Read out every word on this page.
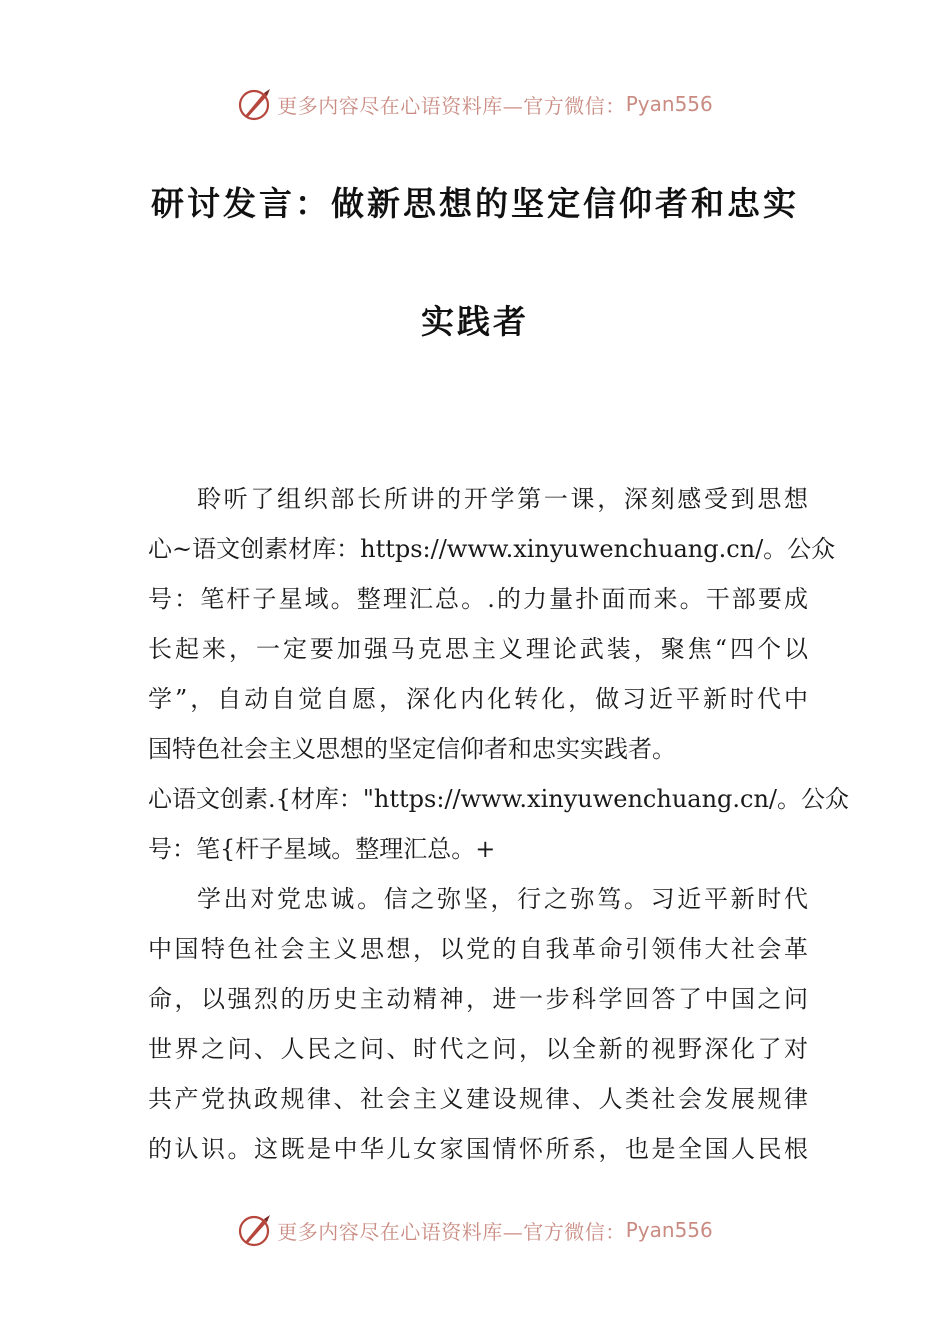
更多内容尽在心语资料库—官方微信： Pyan556
研讨发言：做新思想的坚定信仰者和忠实
实践者
聆听了组织部长所讲的开学第一课，深刻感受到思想
心~语文创素材库：https://www.xinyuwenchuang.cn/。公众
号：笔杆子星域。整理汇总。.的力量扑面而来。干部要成
长起来，一定要加强马克思主义理论武装，聚焦“四个以
学”，自动自觉自愿，深化内化转化，做习近平新时代中
国特色社会主义思想的坚定信仰者和忠实实践者。
心语文创素.{材库："https://www.xinyuwenchuang.cn/。公众
号：笔{杆子星域。整理汇总。+
学出对党忠诚。信之弥坚，行之弥笃。习近平新时代
中国特色社会主义思想，以党的自我革命引领伟大社会革
命，以强烈的历史主动精神，进一步科学回答了中国之问
世界之问、人民之问、时代之问，以全新的视野深化了对
共产党执政规律、社会主义建设规律、人类社会发展规律
的认识。这既是中华儿女家国情怀所系，也是全国人民根
更多内容尽在心语资料库—官方微信： Pyan556
